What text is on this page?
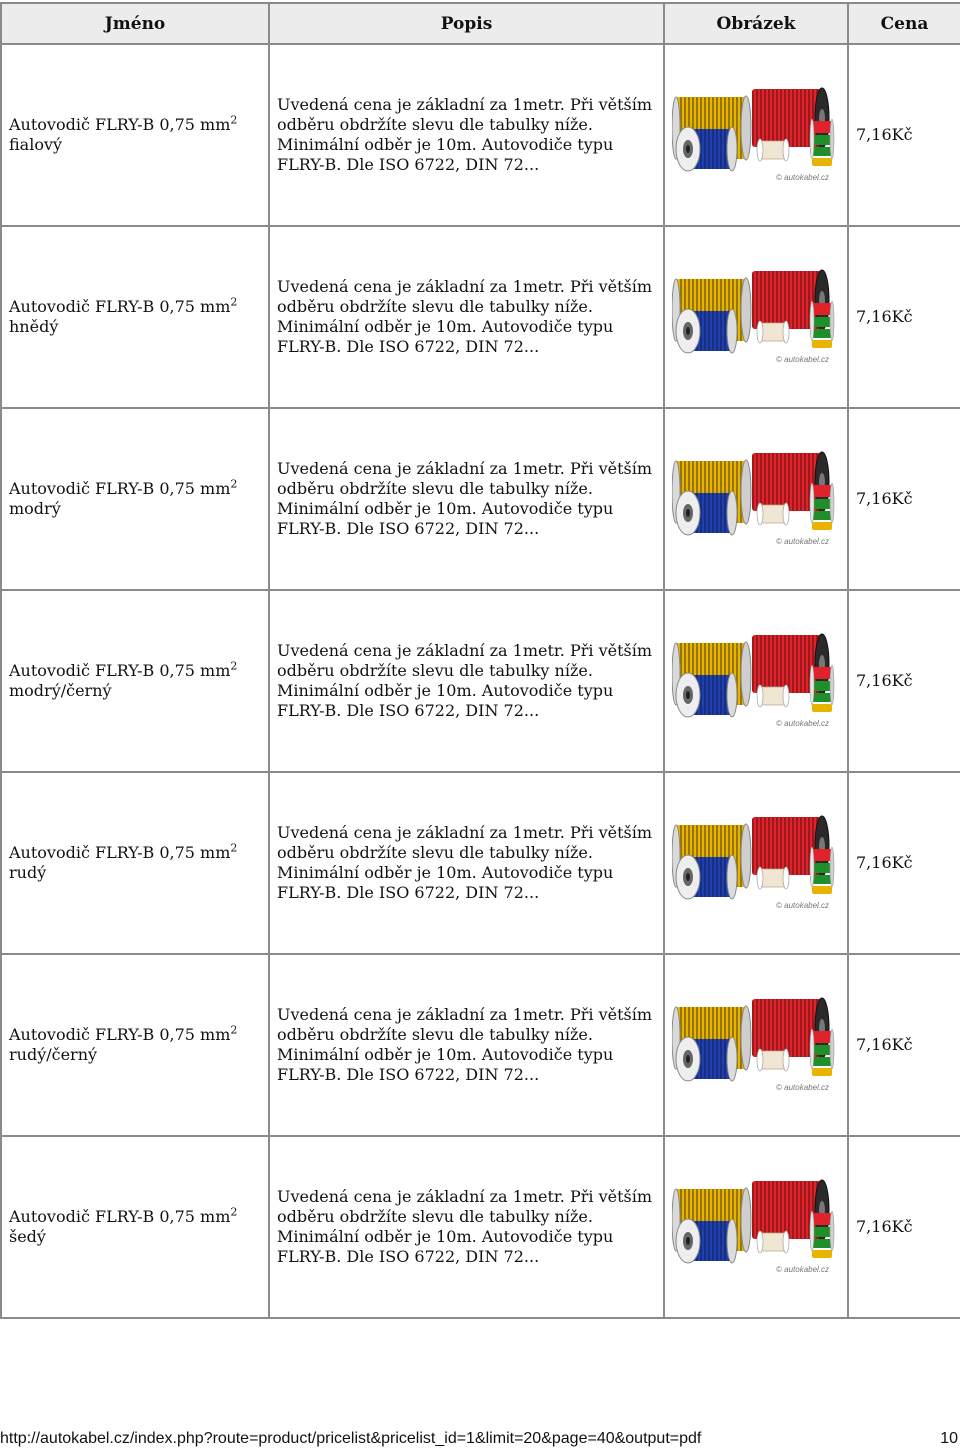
Jméno	Popis	Obrázek	Cena
Autovodič FLRY-B 0,75 $mm^2$
fialový	Uvedená cena je základní za 1metr. Při větším odběru obdržíte slevu dle tabulky níže. Minimální odběr je 10m. Autovodiče typu FLRY-B. Dle ISO 6722, DIN 72...	© autokabel.cz	7,16Kč
Autovodič FLRY-B 0,75 $mm^2$
hnědý	Uvedená cena je základní za 1metr. Při větším odběru obdržíte slevu dle tabulky níže. Minimální odběr je 10m. Autovodiče typu FLRY-B. Dle ISO 6722, DIN 72...	© autokabel.cz	7,16Kč
Autovodič FLRY-B 0,75 $mm^2$
modrý	Uvedená cena je základní za 1metr. Při větším odběru obdržíte slevu dle tabulky níže. Minimální odběr je 10m. Autovodiče typu FLRY-B. Dle ISO 6722, DIN 72...	© autokabel.cz	7,16Kč
Autovodič FLRY-B 0,75 $mm^2$
modrý/černý	Uvedená cena je základní za 1metr. Při větším odběru obdržíte slevu dle tabulky níže. Minimální odběr je 10m. Autovodiče typu FLRY-B. Dle ISO 6722, DIN 72...	© autokabel.cz	7,16Kč
Autovodič FLRY-B 0,75 $mm^2$
rudý	Uvedená cena je základní za 1metr. Při větším odběru obdržíte slevu dle tabulky níže. Minimální odběr je 10m. Autovodiče typu FLRY-B. Dle ISO 6722, DIN 72...	© autokabel.cz	7,16Kč
Autovodič FLRY-B 0,75 $mm^2$
rudý/černý	Uvedená cena je základní za 1metr. Při větším odběru obdržíte slevu dle tabulky níže. Minimální odběr je 10m. Autovodiče typu FLRY-B. Dle ISO 6722, DIN 72...	© autokabel.cz	7,16Kč
Autovodič FLRY-B 0,75 $mm^2$
šedý	Uvedená cena je základní za 1metr. Při větším odběru obdržíte slevu dle tabulky níže. Minimální odběr je 10m. Autovodiče typu FLRY-B. Dle ISO 6722, DIN 72...	© autokabel.cz	7,16Kč
http://autokabel.cz/index.php?route=product/pricelist&pricelist_id=1&limit=20&page=40&output=pdf	10
